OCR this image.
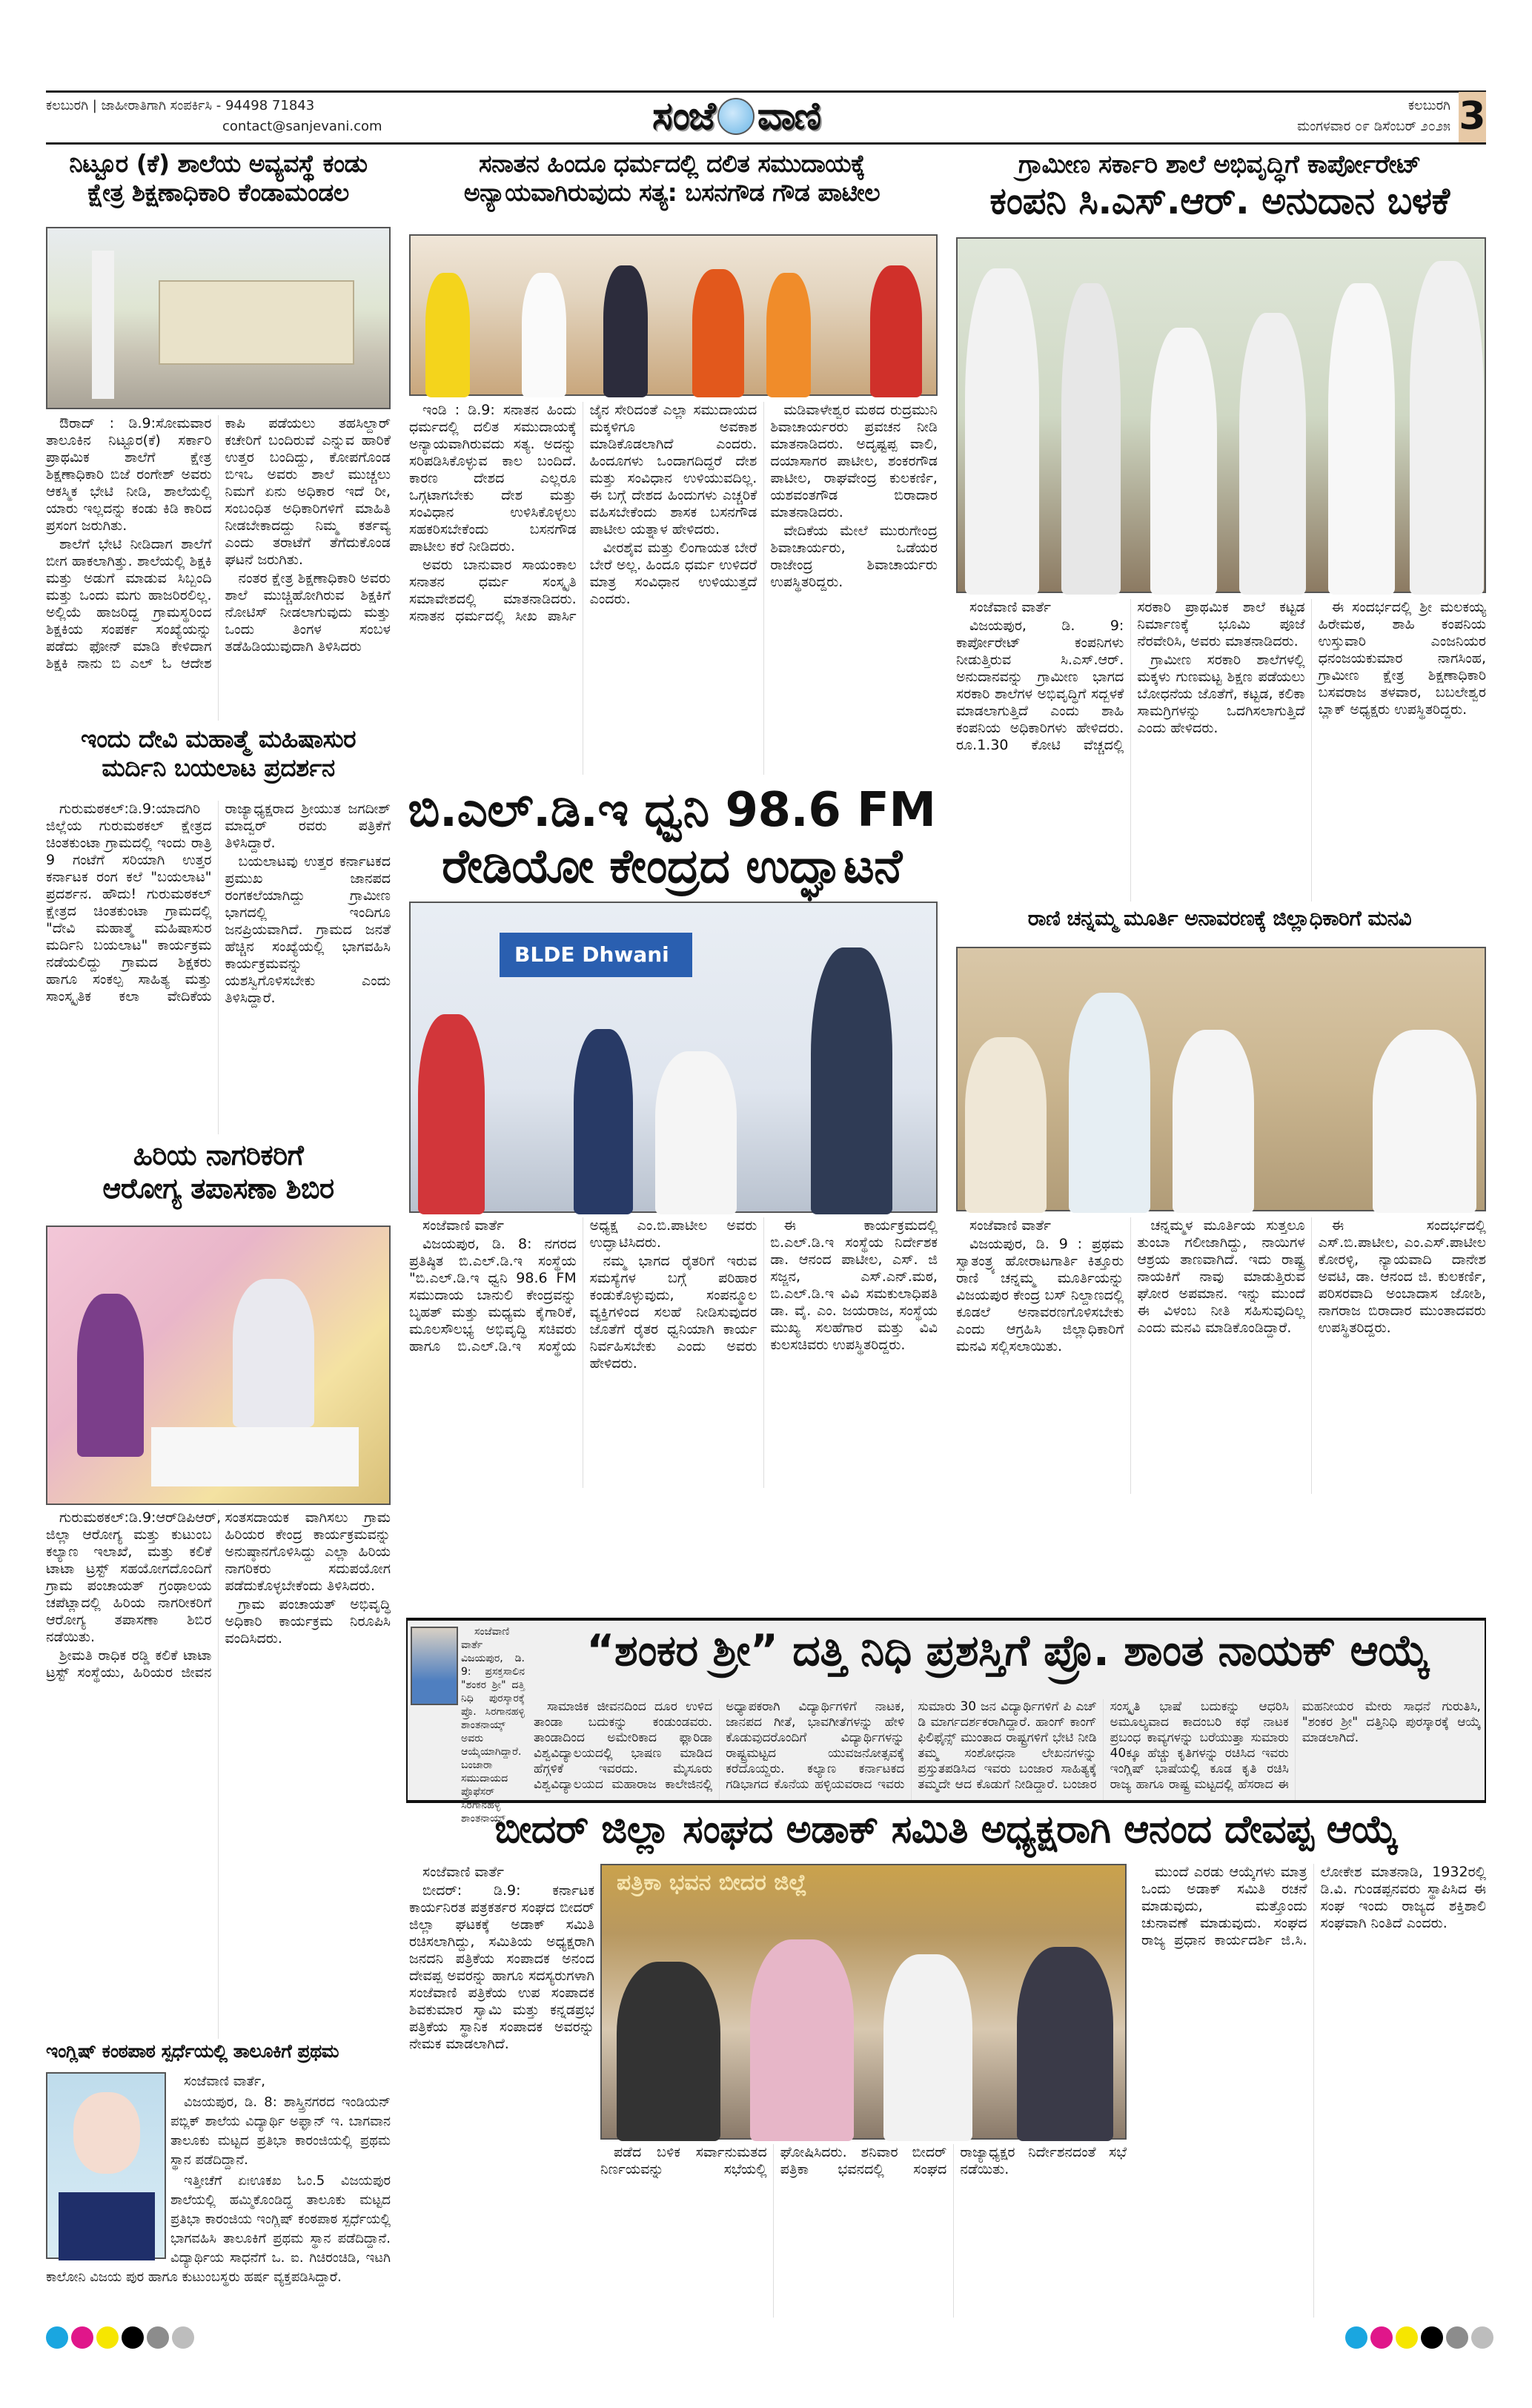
ಕಲಬುರಗಿ | ಜಾಹೀರಾತಿಗಾಗಿ ಸಂಪರ್ಕಿಸಿ - 94498 71843
contact@sanjevani.com	ಸಂಜೆ ವಾಣಿ	ಕಲಬುರಗಿ
ಮಂಗಳವಾರ ೦೯ ಡಿಸೆಂಬರ್ ೨೦೨೫ 3
ನಿಟ್ಟೂರ (ಕೆ) ಶಾಲೆಯ ಅವ್ಯವಸ್ಥೆ ಕಂಡು
ಕ್ಷೇತ್ರ ಶಿಕ್ಷಣಾಧಿಕಾರಿ ಕೆಂಡಾಮಂಡಲ

ಔರಾದ್ : ಡಿ.9:ಸೋಮವಾರ ತಾಲೂಕಿನ ನಿಟ್ಟೂರ(ಕೆ) ಸರ್ಕಾರಿ ಪ್ರಾಥಮಿಕ ಶಾಲೆಗೆ ಕ್ಷೇತ್ರ ಶಿಕ್ಷಣಾಧಿಕಾರಿ ಬಿಜೆ ರಂಗೇಶ್ ಅವರು ಆಕಸ್ಮಿಕ ಭೇಟಿ ನೀಡಿ, ಶಾಲೆಯಲ್ಲಿ ಯಾರು ಇಲ್ಲದನ್ನು ಕಂಡು ಕಿಡಿ ಕಾರಿದ ಪ್ರಸಂಗ ಜರುಗಿತು.

ಶಾಲೆಗೆ ಭೇಟಿ ನೀಡಿದಾಗ ಶಾಲೆಗೆ ಬೀಗ ಹಾಕಲಾಗಿತ್ತು. ಶಾಲೆಯಲ್ಲಿ ಶಿಕ್ಷಕಿ ಮತ್ತು ಅಡುಗೆ ಮಾಡುವ ಸಿಬ್ಬಂದಿ ಮತ್ತು ಒಂದು ಮಗು ಹಾಜರಿರಲಿಲ್ಲ. ಅಲ್ಲಿಯೆ ಹಾಜರಿದ್ದ ಗ್ರಾಮಸ್ಥರಿಂದ ಶಿಕ್ಷಕಿಯ ಸಂಪರ್ಕ ಸಂಖ್ಯೆಯನ್ನು ಪಡೆದು ಫೋನ್ ಮಾಡಿ ಕೇಳಿದಾಗ ಶಿಕ್ಷಕಿ ನಾನು ಬಿ ಎಲ್ ಓ ಆದೇಶ ಕಾಪಿ ಪಡೆಯಲು ತಹಸಿಲ್ದಾರ್ ಕಚೇರಿಗೆ ಬಂದಿರುವೆ ಎನ್ನುವ ಹಾರಿಕೆ ಉತ್ತರ ಬಂದಿದ್ದು, ಕೋಪಗೊಂಡ ಬಿಇಒ ಅವರು ಶಾಲೆ ಮುಚ್ಚಲು ನಿಮಗೆ ಏನು ಅಧಿಕಾರ ಇದೆ ರೀ, ಸಂಬಂಧಿತ ಅಧಿಕಾರಿಗಳಿಗೆ ಮಾಹಿತಿ ನೀಡಬೇಕಾದದ್ದು ನಿಮ್ಮ ಕರ್ತವ್ಯ ಎಂದು ತರಾಟೆಗೆ ತೆಗೆದುಕೊಂಡ ಘಟನೆ ಜರುಗಿತು.

ನಂತರ ಕ್ಷೇತ್ರ ಶಿಕ್ಷಣಾಧಿಕಾರಿ ಅವರು ಶಾಲೆ ಮುಚ್ಚಿಹೋಗಿರುವ ಶಿಕ್ಷಕಿಗೆ ನೋಟಿಸ್ ನೀಡಲಾಗುವುದು ಮತ್ತು ಒಂದು ತಿಂಗಳ ಸಂಬಳ ತಡೆಹಿಡಿಯುವುದಾಗಿ ತಿಳಿಸಿದರು

ಇಂದು ದೇವಿ ಮಹಾತ್ಮೆ ಮಹಿಷಾಸುರ
ಮರ್ದಿನಿ ಬಯಲಾಟ ಪ್ರದರ್ಶನ

ಗುರುಮಠಕಲ್:ಡಿ.9:ಯಾದಗಿರಿ ಜಿಲ್ಲೆಯ ಗುರುಮಠಕಲ್ ಕ್ಷೇತ್ರದ ಚಿಂತಕುಂಟಾ ಗ್ರಾಮದಲ್ಲಿ ಇಂದು ರಾತ್ರಿ 9 ಗಂಟೆಗೆ ಸರಿಯಾಗಿ ಉತ್ತರ ಕರ್ನಾಟಕ ರಂಗ ಕಲೆ "ಬಯಲಾಟ" ಪ್ರದರ್ಶನ. ಹೌದು! ಗುರುಮಠಕಲ್ ಕ್ಷೇತ್ರದ ಚಿಂತಕುಂಟಾ ಗ್ರಾಮದಲ್ಲಿ "ದೇವಿ ಮಹಾತ್ಮೆ ಮಹಿಷಾಸುರ ಮರ್ದಿನಿ ಬಯಲಾಟ" ಕಾರ್ಯಕ್ರಮ ನಡೆಯಲಿದ್ದು ಗ್ರಾಮದ ಶಿಕ್ಷಕರು ಹಾಗೂ ಸಂಕಲ್ಪ ಸಾಹಿತ್ಯ ಮತ್ತು ಸಾಂಸ್ಕೃತಿಕ ಕಲಾ ವೇದಿಕೆಯ ರಾಜ್ಯಾಧ್ಯಕ್ಷರಾದ ಶ್ರೀಯುತ ಜಗದೀಶ್ ಮಾದ್ವರ್ ರವರು ಪತ್ರಿಕೆಗೆ ತಿಳಿಸಿದ್ದಾರೆ.

ಬಯಲಾಟವು ಉತ್ತರ ಕರ್ನಾಟಕದ ಪ್ರಮುಖ ಜಾನಪದ ರಂಗಕಲೆಯಾಗಿದ್ದು ಗ್ರಾಮೀಣ ಭಾಗದಲ್ಲಿ ಇಂದಿಗೂ ಜನಪ್ರಿಯವಾಗಿದೆ. ಗ್ರಾಮದ ಜನತೆ ಹೆಚ್ಚಿನ ಸಂಖ್ಯೆಯಲ್ಲಿ ಭಾಗವಹಿಸಿ ಕಾರ್ಯಕ್ರಮವನ್ನು ಯಶಸ್ವಿಗೊಳಿಸಬೇಕು ಎಂದು ತಿಳಿಸಿದ್ದಾರೆ.

ಹಿರಿಯ ನಾಗರಿಕರಿಗೆ
ಆರೋಗ್ಯ ತಪಾಸಣಾ ಶಿಬಿರ

ಗುರುಮಠಕಲ್:ಡಿ.9:ಆರ್‌ಡಿಪಿಆರ್, ಜಿಲ್ಲಾ ಆರೋಗ್ಯ ಮತ್ತು ಕುಟುಂಬ ಕಲ್ಯಾಣ ಇಲಾಖೆ, ಮತ್ತು ಕಲಿಕೆ ಟಾಟಾ ಟ್ರಸ್ಟ್ ಸಹಯೋಗದೊಂದಿಗೆ ಗ್ರಾಮ ಪಂಚಾಯತ್ ಗ್ರಂಥಾಲಯ ಚಪೆಟ್ಲಾದಲ್ಲಿ ಹಿರಿಯ ನಾಗರೀಕರಿಗೆ ಆರೋಗ್ಯ ತಪಾಸಣಾ ಶಿಬಿರ ನಡೆಯಿತು.

ಶ್ರೀಮತಿ ರಾಧಿಕ ರಡ್ಡಿ ಕಲಿಕೆ ಟಾಟಾ ಟ್ರಸ್ಟ್ ಸಂಸ್ಥೆಯು, ಹಿರಿಯರ ಜೀವನ ಸಂತಸದಾಯಕ ವಾಗಿಸಲು ಗ್ರಾಮ ಹಿರಿಯರ ಕೇಂದ್ರ ಕಾರ್ಯಕ್ರಮವನ್ನು ಅನುಷ್ಠಾನಗೊಳಿಸಿದ್ದು ಎಲ್ಲಾ ಹಿರಿಯ ನಾಗರಿಕರು ಸದುಪಯೋಗ ಪಡೆದುಕೊಳ್ಳಬೇಕೆಂದು ತಿಳಿಸಿದರು.

ಗ್ರಾಮ ಪಂಚಾಯತ್ ಅಭಿವೃದ್ಧಿ ಅಧಿಕಾರಿ ಕಾರ್ಯಕ್ರಮ ನಿರೂಪಿಸಿ ವಂದಿಸಿದರು.

ಇಂಗ್ಲಿಷ್ ಕಂಠಪಾಠ ಸ್ಪರ್ಧೆಯಲ್ಲಿ ತಾಲೂಕಿಗೆ ಪ್ರಥಮ

ಸಂಜೆವಾಣಿ ವಾರ್ತೆ,

ವಿಜಯಪುರ, ಡಿ. 8: ಶಾಸ್ತ್ರಿನಗರದ ಇಂಡಿಯನ್ ಪಬ್ಲಿಕ್ ಶಾಲೆಯ ವಿದ್ಯಾರ್ಥಿ ಅಫ್ಘಾನ್ ಇ. ಬಾಗವಾನ ತಾಲೂಕು ಮಟ್ಟದ ಪ್ರತಿಭಾ ಕಾರಂಜಿಯಲ್ಲಿ ಪ್ರಥಮ ಸ್ಥಾನ ಪಡೆದಿದ್ದಾನೆ.

ಇತ್ತೀಚೆಗೆ ಏಃಊಕಖ ಓಂ.5 ವಿಜಯಪುರ ಶಾಲೆಯಲ್ಲಿ ಹಮ್ಮಿಕೊಂಡಿದ್ದ ತಾಲೂಕು ಮಟ್ಟದ ಪ್ರತಿಭಾ ಕಾರಂಜಿಯ ಇಂಗ್ಲಿಷ್ ಕಂಠಪಾಠ ಸ್ಪರ್ಧೆಯಲ್ಲಿ ಭಾಗವಹಿಸಿ ತಾಲೂಕಿಗೆ ಪ್ರಥಮ ಸ್ಥಾನ ಪಡೆದಿದ್ದಾನೆ. ವಿದ್ಯಾರ್ಥಿಯ ಸಾಧನೆಗೆ ಒ. ಐ. ಗಿಚಿರಂಚಿಡಿ, ಇಟಗಿ ಕಾಲೋನಿ ವಿಜಯ ಪುರ ಹಾಗೂ ಕುಟುಂಬಸ್ಥರು ಹರ್ಷ ವ್ಯಕ್ತಪಡಿಸಿದ್ದಾರೆ.

ಸನಾತನ ಹಿಂದೂ ಧರ್ಮದಲ್ಲಿ ದಲಿತ ಸಮುದಾಯಕ್ಕೆ
ಅನ್ಯಾಯವಾಗಿರುವುದು ಸತ್ಯ: ಬಸನಗೌಡ ಗೌಡ ಪಾಟೀಲ

ಇಂಡಿ : ಡಿ.9: ಸನಾತನ ಹಿಂದು ಧರ್ಮದಲ್ಲಿ ದಲಿತ ಸಮುದಾಯಕ್ಕೆ ಅನ್ಯಾಯವಾಗಿರುವದು ಸತ್ಯ. ಅದನ್ನು ಸರಿಪಡಿಸಿಕೊಳ್ಳುವ ಕಾಲ ಬಂದಿದೆ. ಕಾರಣ ದೇಶದ ಎಲ್ಲರೂ ಒಗ್ಗಟಾಗಬೇಕು ದೇಶ ಮತ್ತು ಸಂವಿಧಾನ ಉಳಿಸಿಕೊಳ್ಳಲು ಸಹಕರಿಸಬೇಕೆಂದು ಬಸನಗೌಡ ಪಾಟೀಲ ಕರೆ ನೀಡಿದರು.

ಅವರು ಬಾನುವಾರ ಸಾಯಂಕಾಲ ಸನಾತನ ಧರ್ಮ ಸಂಸ್ಕೃತಿ ಸಮಾವೇಶದಲ್ಲಿ ಮಾತನಾಡಿದರು. ಸನಾತನ ಧರ್ಮದಲ್ಲಿ ಸೀಖ ಪಾರ್ಸಿ ಜೈನ ಸೇರಿದಂತೆ ಎಲ್ಲಾ ಸಮುದಾಯದ ಮಕ್ಕಳಿಗೂ ಅವಕಾಶ ಮಾಡಿಕೊಡಲಾಗಿದೆ ಎಂದರು. ಹಿಂದೂಗಳು ಒಂದಾಗದಿದ್ದರೆ ದೇಶ ಮತ್ತು ಸಂವಿಧಾನ ಉಳಿಯುವದಿಲ್ಲ. ಈ ಬಗ್ಗೆ ದೇಶದ ಹಿಂದುಗಳು ಎಚ್ಚರಿಕೆ ವಹಿಸಬೇಕೆಂದು ಶಾಸಕ ಬಸನಗೌಡ ಪಾಟೀಲ ಯತ್ನಾಳ ಹೇಳಿದರು.

ವೀರಶೈವ ಮತ್ತು ಲಿಂಗಾಯತ ಬೇರೆ ಬೇರೆ ಅಲ್ಲ. ಹಿಂದೂ ಧರ್ಮ ಉಳಿದರೆ ಮಾತ್ರ ಸಂವಿಧಾನ ಉಳಿಯುತ್ತದೆ ಎಂದರು.

ಮಡಿವಾಳೇಶ್ವರ ಮಠದ ರುದ್ರಮುನಿ ಶಿವಾಚಾರ್ಯರರು ಪ್ರವಚನ ನೀಡಿ ಮಾತನಾಡಿದರು. ಅದೃಷ್ಟಪ್ಪ ವಾಲಿ, ದಯಾಸಾಗರ ಪಾಟೀಲ, ಶಂಕರಗೌಡ ಪಾಟೀಲ, ರಾಘವೇಂದ್ರ ಕುಲಕರ್ಣಿ, ಯಶವಂತಗೌಡ ಬಿರಾದಾರ ಮಾತನಾಡಿದರು.

ವೇದಿಕೆಯ ಮೇಲೆ ಮುರುಗೇಂದ್ರ ಶಿವಾಚಾರ್ಯರು, ಒಡೆಯರ ರಾಜೇಂದ್ರ ಶಿವಾಚಾರ್ಯರು ಉಪಸ್ಥಿತರಿದ್ದರು.

ಬಿ.ಎಲ್.ಡಿ.ಇ ಧ್ವನಿ 98.6 FM
ರೇಡಿಯೋ ಕೇಂದ್ರದ ಉದ್ಘಾಟನೆ
BLDE Dhwani

ಸಂಜೆವಾಣಿ ವಾರ್ತೆ

ವಿಜಯಪುರ, ಡಿ. 8: ನಗರದ ಪ್ರತಿಷ್ಠಿತ ಬಿ.ಎಲ್.ಡಿ.ಇ ಸಂಸ್ಥೆಯ "ಬಿ.ಎಲ್.ಡಿ.ಇ ಧ್ವನಿ 98.6 FM ಸಮುದಾಯ ಬಾನುಲಿ ಕೇಂದ್ರವನ್ನು ಬೃಹತ್ ಮತ್ತು ಮಧ್ಯಮ ಕೈಗಾರಿಕೆ, ಮೂಲಸೌಲಭ್ಯ ಅಭಿವೃದ್ಧಿ ಸಚಿವರು ಹಾಗೂ ಬಿ.ಎಲ್.ಡಿ.ಇ ಸಂಸ್ಥೆಯ ಅಧ್ಯಕ್ಷ ಎಂ.ಬಿ.ಪಾಟೀಲ ಅವರು ಉದ್ಘಾಟಿಸಿದರು.

ನಮ್ಮ ಭಾಗದ ರೈತರಿಗೆ ಇರುವ ಸಮಸ್ಯೆಗಳ ಬಗ್ಗೆ ಪರಿಹಾರ ಕಂಡುಕೊಳ್ಳುವುದು, ಸಂಪನ್ಮೂಲ ವ್ಯಕ್ತಿಗಳಿಂದ ಸಲಹೆ ನೀಡಿಸುವುದರ ಜೊತೆಗೆ ರೈತರ ಧ್ವನಿಯಾಗಿ ಕಾರ್ಯ ನಿರ್ವಹಿಸಬೇಕು ಎಂದು ಅವರು ಹೇಳಿದರು.

ಈ ಕಾರ್ಯಕ್ರಮದಲ್ಲಿ ಬಿ.ಎಲ್.ಡಿ.ಇ ಸಂಸ್ಥೆಯ ನಿರ್ದೇಶಕ ಡಾ. ಆನಂದ ಪಾಟೀಲ, ಎಸ್. ಜಿ ಸಜ್ಜನ, ಎಸ್.ಎನ್.ಮಠ, ಬಿ.ಎಲ್.ಡಿ.ಇ ವಿವಿ ಸಮಕುಲಾಧಿಪತಿ ಡಾ. ವೈ. ಎಂ. ಜಯರಾಜ, ಸಂಸ್ಥೆಯ ಮುಖ್ಯ ಸಲಹೆಗಾರ ಮತ್ತು ವಿವಿ ಕುಲಸಚಿವರು ಉಪಸ್ಥಿತರಿದ್ದರು.

ಗ್ರಾಮೀಣ ಸರ್ಕಾರಿ ಶಾಲೆ ಅಭಿವೃದ್ಧಿಗೆ ಕಾರ್ಪೋರೇಟ್
ಕಂಪನಿ ಸಿ.ಎಸ್.ಆರ್. ಅನುದಾನ ಬಳಕೆ

ಸಂಜೆವಾಣಿ ವಾರ್ತೆ

ವಿಜಯಪುರ, ಡಿ. 9: ಕಾರ್ಪೋರೇಟ್ ಕಂಪನಿಗಳು ನೀಡುತ್ತಿರುವ ಸಿ.ಎಸ್.ಆರ್. ಅನುದಾನವನ್ನು ಗ್ರಾಮೀಣ ಭಾಗದ ಸರಕಾರಿ ಶಾಲೆಗಳ ಅಭಿವೃದ್ಧಿಗೆ ಸದ್ಬಳಕೆ ಮಾಡಲಾಗುತ್ತಿದೆ ಎಂದು ಶಾಹಿ ಕಂಪನಿಯ ಅಧಿಕಾರಿಗಳು ಹೇಳಿದರು. ರೂ.1.30 ಕೋಟಿ ವೆಚ್ಚದಲ್ಲಿ ಸರಕಾರಿ ಪ್ರಾಥಮಿಕ ಶಾಲೆ ಕಟ್ಟಡ ನಿರ್ಮಾಣಕ್ಕೆ ಭೂಮಿ ಪೂಜೆ ನೆರವೇರಿಸಿ, ಅವರು ಮಾತನಾಡಿದರು.

ಗ್ರಾಮೀಣ ಸರಕಾರಿ ಶಾಲೆಗಳಲ್ಲಿ ಮಕ್ಕಳು ಗುಣಮಟ್ಟ ಶಿಕ್ಷಣ ಪಡೆಯಲು ಬೋಧನೆಯ ಜೊತೆಗೆ, ಕಟ್ಟಡ, ಕಲಿಕಾ ಸಾಮಗ್ರಿಗಳನ್ನು ಒದಗಿಸಲಾಗುತ್ತಿದೆ ಎಂದು ಹೇಳಿದರು.

ಈ ಸಂದರ್ಭದಲ್ಲಿ ಶ್ರೀ ಮಲಕಯ್ಯ ಹಿರೇಮಠ, ಶಾಹಿ ಕಂಪನಿಯ ಉಸ್ತುವಾರಿ ಎಂಜನಿಯರ ಧನಂಜಯಕುಮಾರ ನಾಗಸಿಂಹ, ಗ್ರಾಮೀಣ ಕ್ಷೇತ್ರ ಶಿಕ್ಷಣಾಧಿಕಾರಿ ಬಸವರಾಜ ತಳವಾರ, ಬಬಲೇಶ್ವರ ಬ್ಲಾಕ್ ಅಧ್ಯಕ್ಷರು ಉಪಸ್ಥಿತರಿದ್ದರು.

ರಾಣಿ ಚನ್ನಮ್ಮ ಮೂರ್ತಿ ಅನಾವರಣಕ್ಕೆ ಜಿಲ್ಲಾಧಿಕಾರಿಗೆ ಮನವಿ

ಸಂಜೆವಾಣಿ ವಾರ್ತೆ

ವಿಜಯಪುರ, ಡಿ. 9 : ಪ್ರಥಮ ಸ್ವಾತಂತ್ರ್ಯ ಹೋರಾಟಗಾರ್ತಿ ಕಿತ್ತೂರು ರಾಣಿ ಚನ್ನಮ್ಮ ಮೂರ್ತಿಯನ್ನು ವಿಜಯಪುರ ಕೇಂದ್ರ ಬಸ್ ನಿಲ್ದಾಣದಲ್ಲಿ ಕೂಡಲೆ ಅನಾವರಣಗೊಳಿಸಬೇಕು ಎಂದು ಆಗ್ರಹಿಸಿ ಜಿಲ್ಲಾಧಿಕಾರಿಗೆ ಮನವಿ ಸಲ್ಲಿಸಲಾಯಿತು.

ಚನ್ನಮ್ಮಳ ಮೂರ್ತಿಯ ಸುತ್ತಲೂ ತುಂಬಾ ಗಲೀಜಾಗಿದ್ದು, ನಾಯಿಗಳ ಆಶ್ರಯ ತಾಣವಾಗಿದೆ. ಇದು ರಾಷ್ಟ್ರ ನಾಯಕಿಗೆ ನಾವು ಮಾಡುತ್ತಿರುವ ಘೋರ ಅಪಮಾನ. ಇನ್ನು ಮುಂದೆ ಈ ವಿಳಂಬ ನೀತಿ ಸಹಿಸುವುದಿಲ್ಲ ಎಂದು ಮನವಿ ಮಾಡಿಕೊಂಡಿದ್ದಾರೆ.

ಈ ಸಂದರ್ಭದಲ್ಲಿ ಎಸ್.ಬಿ.ಪಾಟೀಲ, ಎಂ.ಎಸ್.ಪಾಟೀಲ ಕೋರಳ್ಳಿ, ನ್ಯಾಯವಾದಿ ದಾನೇಶ ಅವಟಿ, ಡಾ. ಆನಂದ ಜಿ. ಕುಲಕರ್ಣಿ, ಪರಿಸರವಾದಿ ಅಂಬಾದಾಸ ಜೋಶಿ, ನಾಗರಾಜ ಬಿರಾದಾರ ಮುಂತಾದವರು ಉಪಸ್ಥಿತರಿದ್ದರು.

ಸಂಜೆವಾಣಿ ವಾರ್ತೆ ವಿಜಯಪುರ, ಡಿ. 9: ಪ್ರಸಕ್ತಸಾಲಿನ "ಶಂಕರ ಶ್ರೀ" ದತ್ತಿ ನಿಧಿ ಪುರಸ್ಕಾರಕ್ಕೆ ಪ್ರೊ. ಸಿರಗಾನಹಳ್ಳಿ ಶಾಂತನಾಯ್ಕ್ ಅವರು ಆಯ್ಕೆಯಾಗಿದ್ದಾರೆ. ಬಂಜಾರಾ ಸಮುದಾಯದ ಪ್ರೊಫೆಸರ್ ಸಿರಗಾನಹಳ್ಳಿ ಶಾಂತನಾಯ್ಕ್

“ಶಂಕರ ಶ್ರೀ” ದತ್ತಿ ನಿಧಿ ಪ್ರಶಸ್ತಿಗೆ ಪ್ರೊ. ಶಾಂತ ನಾಯಕ್ ಆಯ್ಕೆ

ಸಾಮಾಜಿಕ ಜೀವನದಿಂದ ದೂರ ಉಳಿದ ತಾಂಡಾ ಬದುಕನ್ನು ಕಂಡುಂಡವರು. ತಾಂಡಾದಿಂದ ಅಮೇರಿಕಾದ ಫ್ಲಾರಿಡಾ ವಿಶ್ವವಿದ್ಯಾಲಯದಲ್ಲಿ ಭಾಷಣ ಮಾಡಿದ ಹೆಗ್ಗಳಿಕೆ ಇವರದು. ಮೈಸೂರು ವಿಶ್ವವಿದ್ಯಾಲಯದ ಮಹಾರಾಜ ಕಾಲೇಜಿನಲ್ಲಿ ಅಧ್ಯಾಪಕರಾಗಿ ವಿದ್ಯಾರ್ಥಿಗಳಿಗೆ ನಾಟಕ, ಜಾನಪದ ಗೀತೆ, ಭಾವಗೀತೆಗಳನ್ನು ಹೇಳಿ ಕೊಡುವುದರೊಂದಿಗೆ ವಿದ್ಯಾರ್ಥಿಗಳನ್ನು ರಾಷ್ಟ್ರಮಟ್ಟದ ಯುವಜನೋತ್ಸವಕ್ಕೆ ಕರೆದೊಯ್ದರು. ಕಲ್ಯಾಣ ಕರ್ನಾಟಕದ ಗಡಿಭಾಗದ ಕೊನೆಯ ಹಳ್ಳಿಯವರಾದ ಇವರು ಸುಮಾರು 30 ಜನ ವಿದ್ಯಾರ್ಥಿಗಳಿಗೆ ಪಿ ಎಚ್ ಡಿ ಮಾರ್ಗದರ್ಶಕರಾಗಿದ್ದಾರೆ. ಹಾಂಗ್ ಕಾಂಗ್ ಫಿಲಿಫೈನ್ಸ್ ಮುಂತಾದ ರಾಷ್ಟ್ರಗಳಿಗೆ ಭೇಟಿ ನೀಡಿ ತಮ್ಮ ಸಂಶೋಧನಾ ಲೇಖನಗಳನ್ನು ಪ್ರಸ್ತುತಪಡಿಸಿದ ಇವರು ಬಂಜಾರ ಸಾಹಿತ್ಯಕ್ಕೆ ತಮ್ಮದೇ ಆದ ಕೊಡುಗೆ ನೀಡಿದ್ದಾರೆ. ಬಂಜಾರ ಸಂಸ್ಕೃತಿ ಭಾಷೆ ಬದುಕನ್ನು ಆಧರಿಸಿ ಅಮೂಲ್ಯವಾದ ಕಾದಂಬರಿ ಕಥೆ ನಾಟಕ ಪ್ರಬಂಧ ಕಾವ್ಯಗಳನ್ನು ಬರೆಯುತ್ತಾ ಸುಮಾರು 40ಕ್ಕೂ ಹೆಚ್ಚು ಕೃತಿಗಳನ್ನು ರಚಿಸಿದ ಇವರು ಇಂಗ್ಲಿಷ್ ಭಾಷೆಯಲ್ಲಿ ಕೂಡ ಕೃತಿ ರಚಿಸಿ ರಾಜ್ಯ ಹಾಗೂ ರಾಷ್ಟ್ರ ಮಟ್ಟದಲ್ಲಿ ಹೆಸರಾದ ಈ ಮಹನೀಯರ ಮೇರು ಸಾಧನೆ ಗುರುತಿಸಿ, "ಶಂಕರ ಶ್ರೀ" ದತ್ತಿನಿಧಿ ಪುರಸ್ಕಾರಕ್ಕೆ ಆಯ್ಕೆ ಮಾಡಲಾಗಿದೆ.

ಬೀದರ್ ಜಿಲ್ಲಾ ಸಂಘದ ಅಡಾಕ್ ಸಮಿತಿ ಅಧ್ಯಕ್ಷರಾಗಿ ಆನಂದ ದೇವಪ್ಪ ಆಯ್ಕೆ

ಸಂಜೆವಾಣಿ ವಾರ್ತೆ

ಬೀದರ್: ಡಿ.9: ಕರ್ನಾಟಕ ಕಾರ್ಯನಿರತ ಪತ್ರಕರ್ತರ ಸಂಘದ ಬೀದರ್ ಜಿಲ್ಲಾ ಘಟಕಕ್ಕೆ ಅಡಾಕ್ ಸಮಿತಿ ರಚಿಸಲಾಗಿದ್ದು, ಸಮಿತಿಯ ಅಧ್ಯಕ್ಷರಾಗಿ ಜನದನಿ ಪತ್ರಿಕೆಯ ಸಂಪಾದಕ ಅನಂದ ದೇವಪ್ಪ ಅವರನ್ನು ಹಾಗೂ ಸದಸ್ಯರುಗಳಾಗಿ ಸಂಜೆವಾಣಿ ಪತ್ರಿಕೆಯ ಉಪ ಸಂಪಾದಕ ಶಿವಕುಮಾರ ಸ್ವಾಮಿ ಮತ್ತು ಕನ್ನಡಪ್ರಭ ಪತ್ರಿಕೆಯ ಸ್ಥಾನಿಕ ಸಂಪಾದಕ ಅವರನ್ನು ನೇಮಕ ಮಾಡಲಾಗಿದೆ.

ಪತ್ರಿಕಾ ಭವನ ಬೀದರ ಜಿಲ್ಲೆ

ಪಡೆದ ಬಳಿಕ ಸರ್ವಾನುಮತದ ನಿರ್ಣಯವನ್ನು ಸಭೆಯಲ್ಲಿ ಘೋಷಿಸಿದರು. ಶನಿವಾರ ಬೀದರ್ ಪತ್ರಿಕಾ ಭವನದಲ್ಲಿ ಸಂಘದ ರಾಜ್ಯಾಧ್ಯಕ್ಷರ ನಿರ್ದೇಶನದಂತೆ ಸಭೆ ನಡೆಯಿತು.

ಮುಂದೆ ಎರಡು ಆಯ್ಕೆಗಳು ಮಾತ್ರ ಒಂದು ಅಡಾಕ್ ಸಮಿತಿ ರಚನೆ ಮಾಡುವುದು, ಮತ್ತೊಂದು ಚುನಾವಣೆ ಮಾಡುವುದು. ಸಂಘದ ರಾಜ್ಯ ಪ್ರಧಾನ ಕಾರ್ಯದರ್ಶಿ ಜಿ.ಸಿ. ಲೋಕೇಶ ಮಾತನಾಡಿ, 1932ರಲ್ಲಿ ಡಿ.ವಿ. ಗುಂಡಪ್ಪನವರು ಸ್ಥಾಪಿಸಿದ ಈ ಸಂಘ ಇಂದು ರಾಜ್ಯದ ಶಕ್ತಿಶಾಲಿ ಸಂಘವಾಗಿ ನಿಂತಿದೆ ಎಂದರು.
